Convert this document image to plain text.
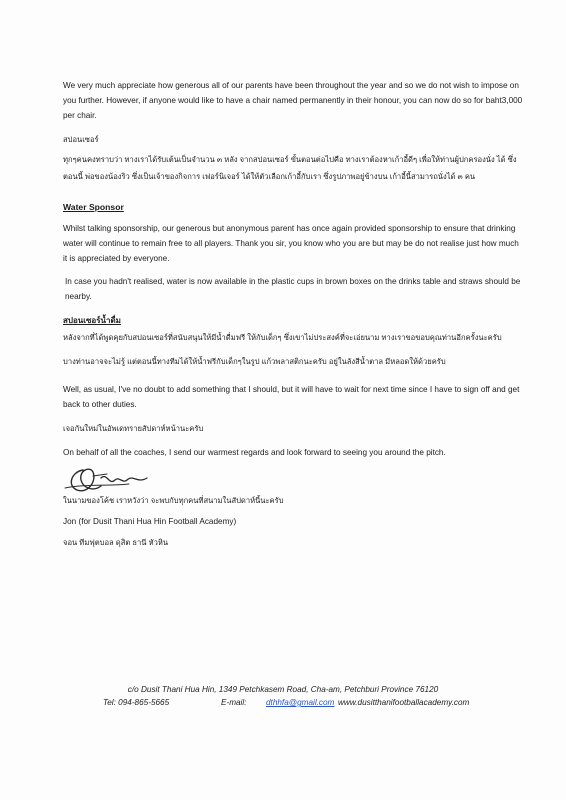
We very much appreciate how generous all of our parents have been throughout the year and so we do not wish to impose on you further. However, if anyone would like to have a chair named permanently in their honour, you can now do so for baht3,000 per chair.

สปอนเซอร์

ทุกๆคนคงทราบว่า ทางเราได้รับเต้นเป็นจำนวน ๓ หลัง จากสปอนเซอร์ ขั้นตอนต่อไปคือ ทางเราต้องหาเก้าอี้ดีๆ เพื่อให้ท่านผู้ปกครองนั่ง ได้ ซึ่งตอนนี้ พ่อของน้องริว ซึ่งเป็นเจ้าของกิจการ เฟอร์นิเจอร์ ได้ให้ตัวเลือกเก้าอี้กับเรา ซึ่งรูปภาพอยู่ข้างบน เก้าอี้นี้สามารถนั่งได้ ๓ คน

Water Sponsor

Whilst talking sponsorship, our generous but anonymous parent has once again provided sponsorship to ensure that drinking water will continue to remain free to all players. Thank you sir, you know who you are but may be do not realise just how much it is appreciated by everyone.

In case you hadn't realised, water is now available in the plastic cups in brown boxes on the drinks table and straws should be nearby.

สปอนเซอร์น้ำดื่ม

หลังจากที่ได้พูดคุยกับสปอนเซอร์ที่สนับสนุนให้มีน้ำดื่มฟรี ให้กับเด็กๆ ซึ่งเขาไม่ประสงค์ที่จะเอ่ยนาม ทางเราขอขอบคุณท่านอีกครั้งนะครับ

บางท่านอาจจะไม่รู้ แต่ตอนนี้ทางทีมได้ให้น้ำฟรีกับเด็กๆในรูป แก้วพลาสติกนะครับ อยู่ในลังสีน้ำตาล มีหลอดให้ด้วยครับ

Well, as usual, I've no doubt to add something that I should, but it will have to wait for next time since I have to sign off and get back to other duties.

เจอกันใหม่ในอัพเดทรายสัปดาห์หน้านะครับ

On behalf of all the coaches, I send our warmest regards and look forward to seeing you around the pitch.

ในนามของโค้ช เราหวังว่า จะพบกับทุกคนที่สนามในสัปดาห์นี้นะครับ

Jon (for Dusit Thani Hua Hin Football Academy)

จอน ทีมฟุตบอล ดุสิต ธานี หัวหิน

c/o Dusit Thani Hua Hin, 1349 Petchkasem Road, Cha-am, Petchburi Province 76120
Tel: 094-865-5665	E-mail: dthhfa@gmail.com www.dusitthanifootballacademy.com
